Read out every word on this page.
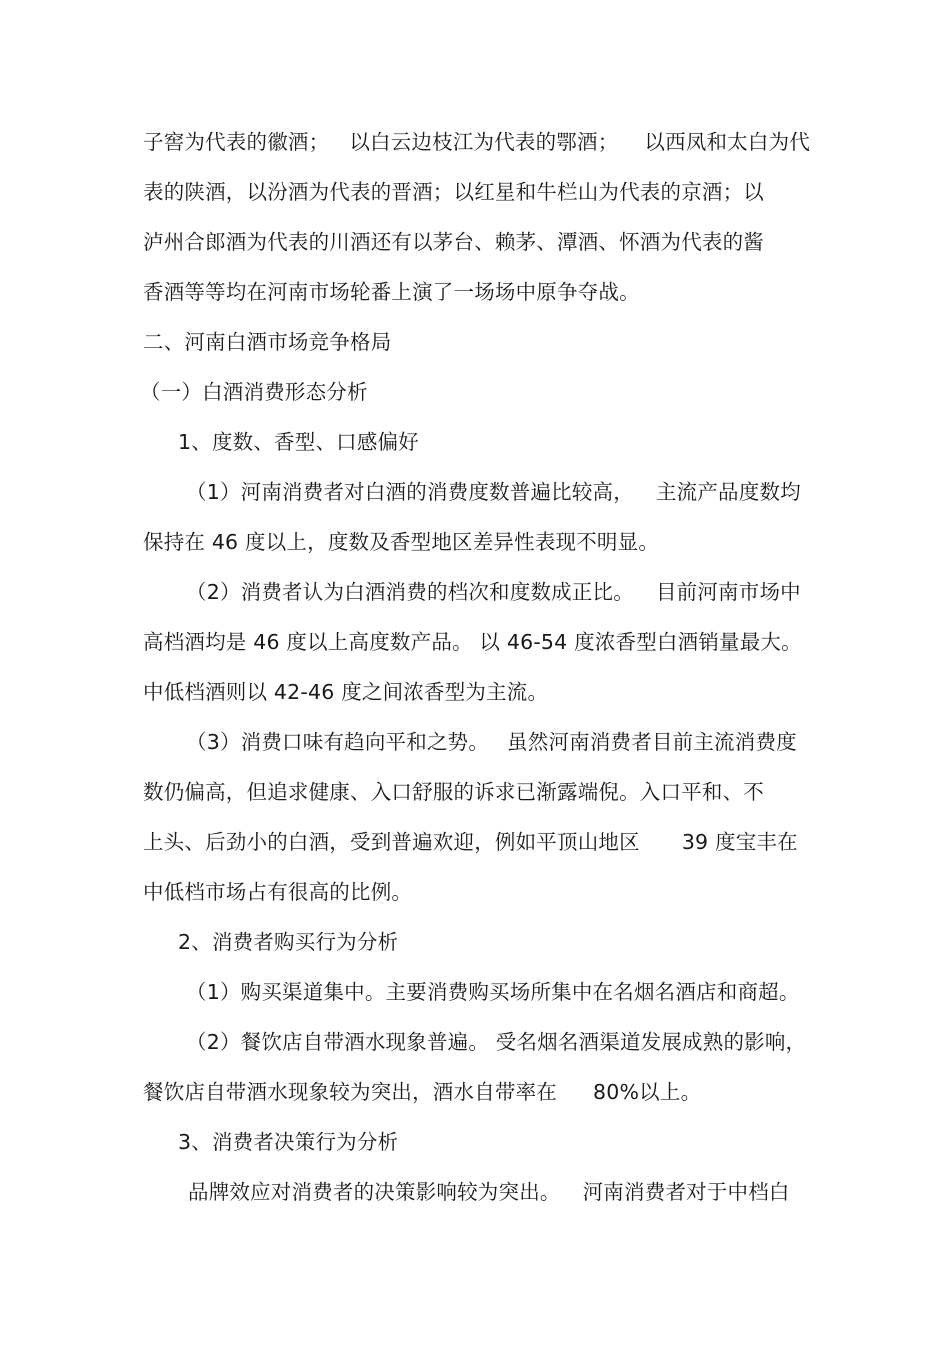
子窖为代表的徽酒； 以白云边枝江为代表的鄂酒； 以西凤和太白为代
表的陕酒，以汾酒为代表的晋酒；以红星和牛栏山为代表的京酒；以
泸州合郎酒为代表的川酒还有以茅台、赖茅、潭酒、怀酒为代表的酱
香酒等等均在河南市场轮番上演了一场场中原争夺战。
二、河南白酒市场竞争格局
（一）白酒消费形态分析
1、度数、香型、口感偏好
（1）河南消费者对白酒的消费度数普遍比较高， 主流产品度数均
保持在 46 度以上，度数及香型地区差异性表现不明显。
（2）消费者认为白酒消费的档次和度数成正比。 目前河南市场中
高档酒均是 46 度以上高度数产品。 以 46-54 度浓香型白酒销量最大。
中低档酒则以 42-46 度之间浓香型为主流。
（3）消费口味有趋向平和之势。 虽然河南消费者目前主流消费度
数仍偏高，但追求健康、入口舒服的诉求已渐露端倪。入口平和、不
上头、后劲小的白酒，受到普遍欢迎，例如平顶山地区 39 度宝丰在
中低档市场占有很高的比例。
2、消费者购买行为分析
（1）购买渠道集中。主要消费购买场所集中在名烟名酒店和商超。
（2）餐饮店自带酒水现象普遍。 受名烟名酒渠道发展成熟的影响，
餐饮店自带酒水现象较为突出，酒水自带率在 80%以上。
3、消费者决策行为分析
品牌效应对消费者的决策影响较为突出。 河南消费者对于中档白
